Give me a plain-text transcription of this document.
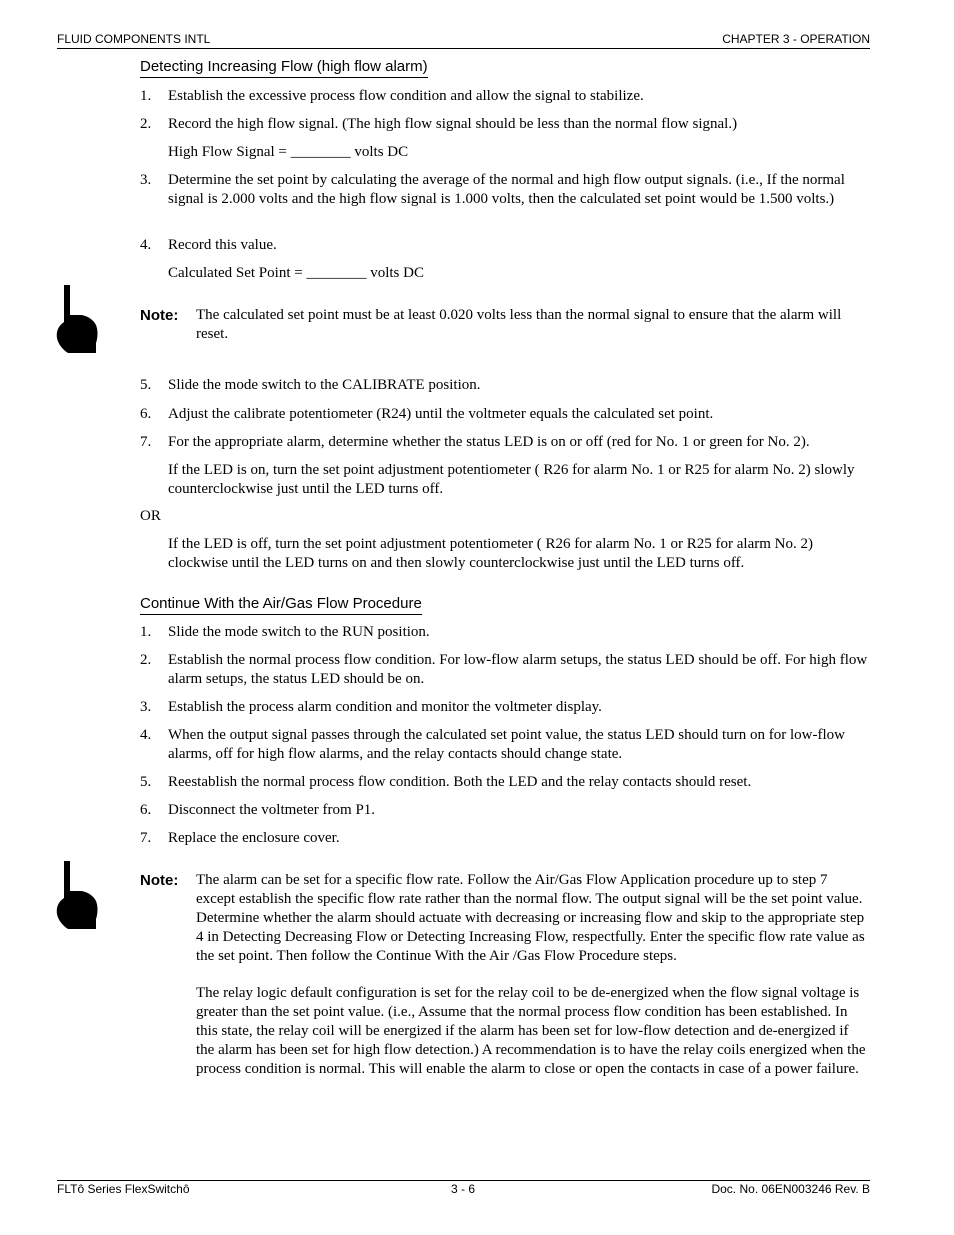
FLUID COMPONENTS INTL	CHAPTER 3 - OPERATION
Detecting Increasing Flow (high flow alarm)
1. Establish the excessive process flow condition and allow the signal to stabilize.
2. Record the high flow signal. (The high flow signal should be less than the normal flow signal.)
High Flow Signal = ________ volts DC
3. Determine the set point by calculating the average of the normal and high flow output signals. (i.e., If the normal signal is 2.000 volts and the high flow signal is 1.000 volts, then the calculated set point would be 1.500 volts.)
4. Record this value.
Calculated Set Point = ________ volts DC
Note: The calculated set point must be at least 0.020 volts less than the normal signal to ensure that the alarm will reset.
5. Slide the mode switch to the CALIBRATE position.
6. Adjust the calibrate potentiometer (R24) until the voltmeter equals the calculated set point.
7. For the appropriate alarm, determine whether the status LED is on or off (red for No. 1 or green for No. 2).
If the LED is on, turn the set point adjustment potentiometer ( R26 for alarm No. 1 or R25 for alarm No. 2) slowly counterclockwise just until the LED turns off.
OR
If the LED is off, turn the set point adjustment potentiometer ( R26 for alarm No. 1 or R25 for alarm No. 2) clockwise until the LED turns on and then slowly counterclockwise just until the LED turns off.
Continue With the Air/Gas Flow Procedure
1. Slide the mode switch to the RUN position.
2. Establish the normal process flow condition. For low-flow alarm setups, the status LED should be off. For high flow alarm setups, the status LED should be on.
3. Establish the process alarm condition and monitor the voltmeter display.
4. When the output signal passes through the calculated set point value, the status LED should turn on for low-flow alarms, off for high flow alarms, and the relay contacts should change state.
5. Reestablish the normal process flow condition. Both the LED and the relay contacts should reset.
6. Disconnect the voltmeter from P1.
7. Replace the enclosure cover.
Note: The alarm can be set for a specific flow rate. Follow the Air/Gas Flow Application procedure up to step 7 except establish the specific flow rate rather than the normal flow. The output signal will be the set point value. Determine whether the alarm should actuate with decreasing or increasing flow and skip to the appropriate step 4 in Detecting Decreasing Flow or Detecting Increasing Flow, respectfully. Enter the specific flow rate value as the set point. Then follow the Continue With the Air /Gas Flow Procedure steps.

The relay logic default configuration is set for the relay coil to be de-energized when the flow signal voltage is greater than the set point value. (i.e., Assume that the normal process flow condition has been established. In this state, the relay coil will be energized if the alarm has been set for low-flow detection and de-energized if the alarm has been set for high flow detection.) A recommendation is to have the relay coils energized when the process condition is normal. This will enable the alarm to close or open the contacts in case of a power failure.

FLTô Series FlexSwitchô	3 - 6	Doc. No. 06EN003246 Rev. B
